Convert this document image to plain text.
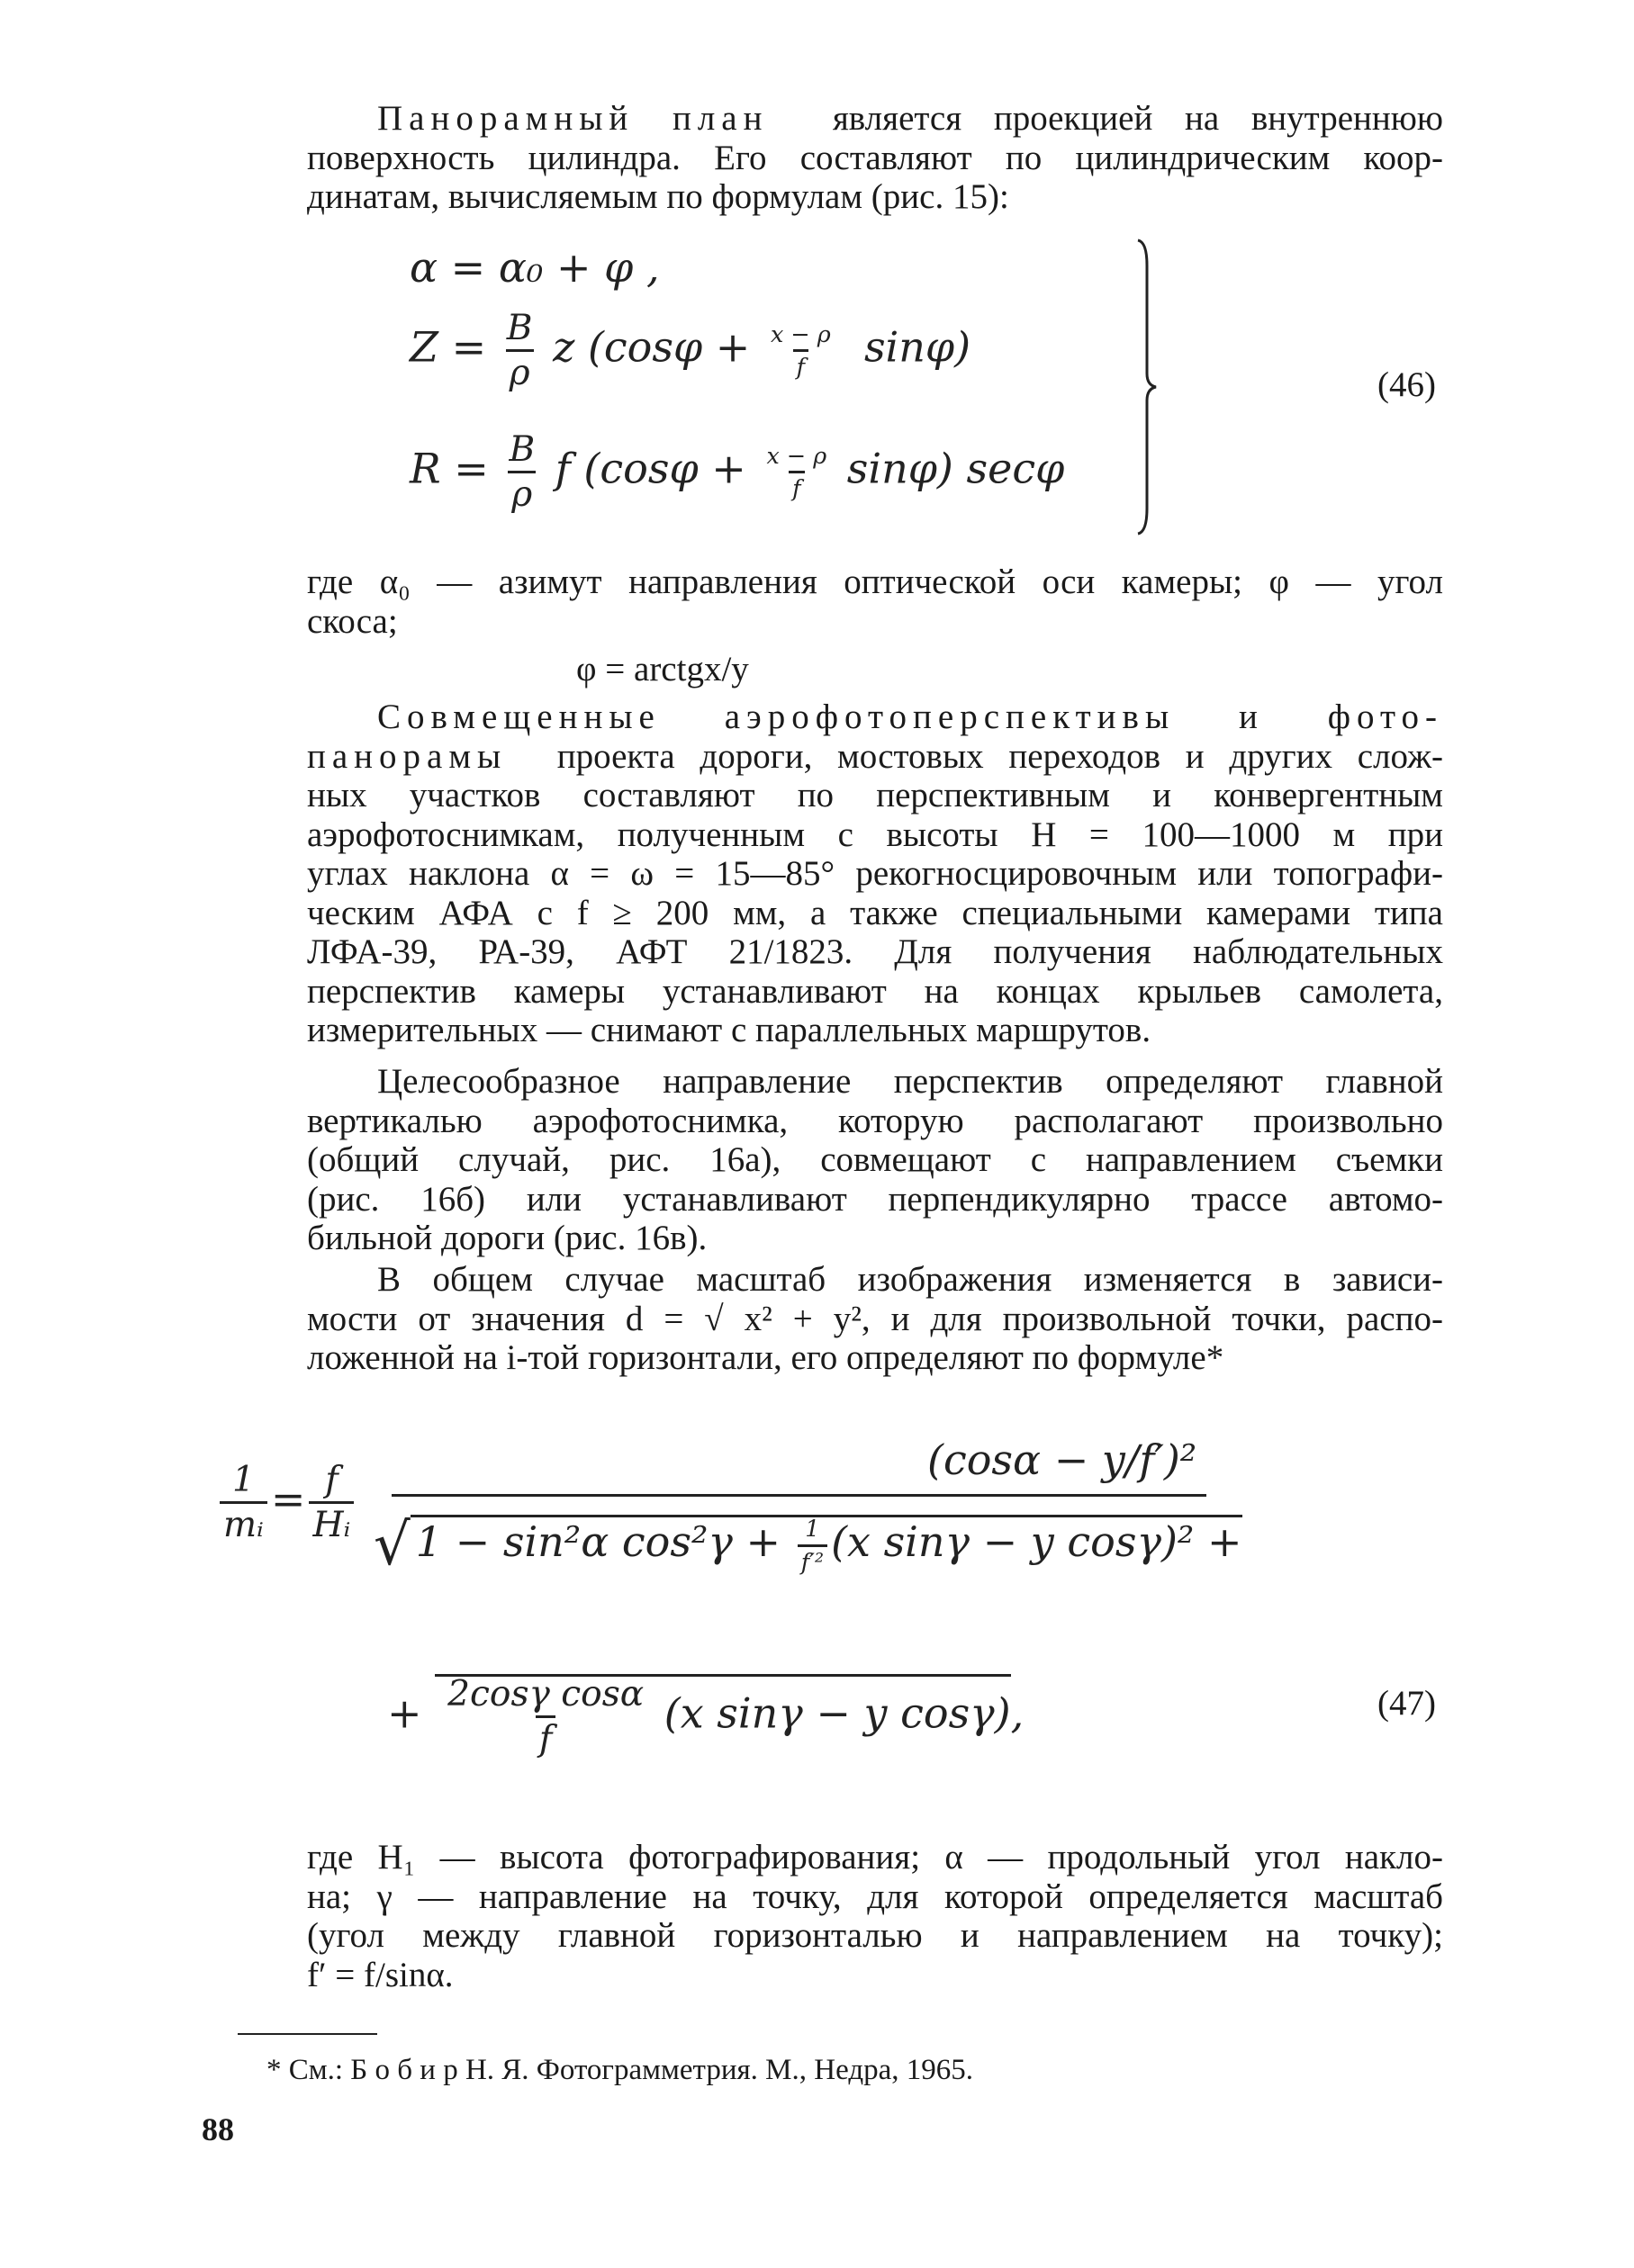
Панорамный план является проекцией на внутреннюю
поверхность цилиндра. Его составляют по цилиндрическим коор-
динатам, вычисляемым по формулам (рис. 15):
α = α₀ + φ ,
$Z = \frac{B}{\rho}$ z $(\cos\varphi + \frac{x - \rho}{f} \sin\varphi)$
$R = \frac{B}{\rho}$ f $(\cos\varphi + \frac{x - \rho}{f} \sin\varphi)$ secφ
(46)
где α₀ — азимут направления оптической оси камеры; φ — угол
скоса;
φ = arctgx/y
Совмещенные аэрофотоперспективы и фото-
панорамы проекта дороги, мостовых переходов и других слож-
ных участков составляют по перспективным и конвергентным
аэрофотоснимкам, полученным с высоты H = 100—1000 м при
углах наклона α = ω = 15—85° рекогносцировочным или топографи-
ческим АФА с f ≥ 200 мм, а также специальными камерами типа
ЛФА-39, РА-39, АФТ 21/1823. Для получения наблюдательных
перспектив камеры устанавливают на концах крыльев самолета,
измерительных — снимают с параллельных маршрутов.
Целесообразное направление перспектив определяют главной
вертикалью аэрофотоснимка, которую располагают произвольно
(общий случай, рис. 16а), совмещают с направлением съемки
(рис. 16б) или устанавливают перпендикулярно трассе автомо-
бильной дороги (рис. 16в).
В общем случае масштаб изображения изменяется в зависи-
мости от значения d = √ x² + y², и для произвольной точки, распо-
ложенной на i-той горизонтали, его определяют по формуле*
(cosα − y/f′)²
$\frac{1}{\text{mᵢ}} = \frac{f}{\text{Hᵢ}}$
√ 1 − sin²α $\cos^2\gamma + \frac{1}{\text{f′²}} (x$ sinγ − y cosγ)² +
+ $\frac{\text{2cosγ cosα}}{f} (x$ sinγ − y cosγ),	(47)
где H₁ — высота фотографирования; α — продольный угол накло-
на; γ — направление на точку, для которой определяется масштаб
(угол между главной горизонталью и направлением на точку);
f′ = f/sinα.
* См.: Б о б и р Н. Я. Фотограмметрия. М., Недра, 1965.
88
